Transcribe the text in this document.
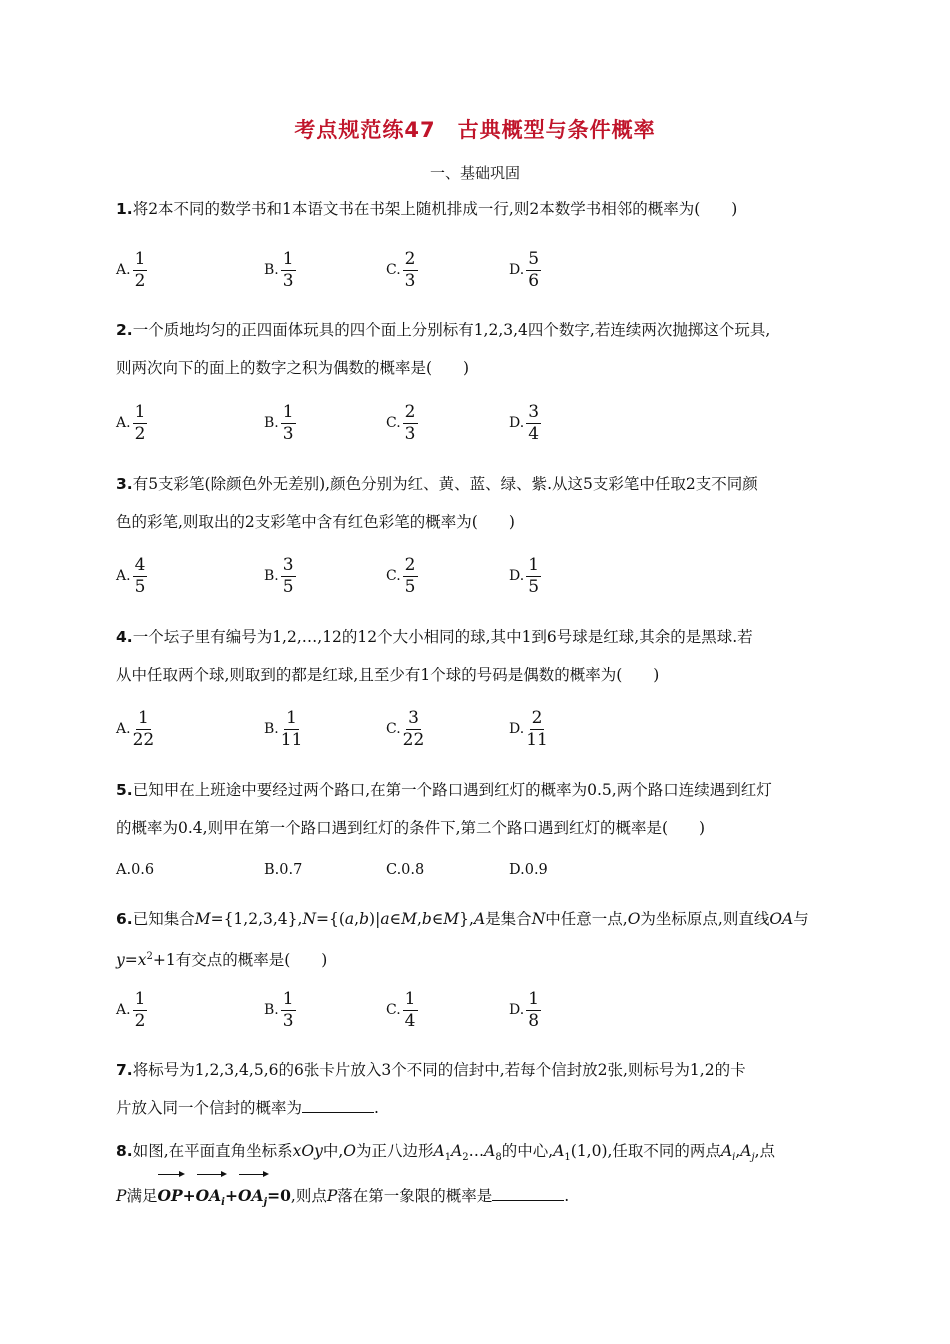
考点规范练47　古典概型与条件概率
一、基础巩固
1.将2本不同的数学书和1本语文书在书架上随机排成一行,则2本数学书相邻的概率为(　　)
A. $\frac{1}{2}$	B. $\frac{1}{3}$	C. $\frac{2}{3}$	D. $\frac{5}{6}$
2.一个质地均匀的正四面体玩具的四个面上分别标有1,2,3,4四个数字,若连续两次抛掷这个玩具,
则两次向下的面上的数字之积为偶数的概率是(　　)
A. $\frac{1}{2}$	B. $\frac{1}{3}$	C. $\frac{2}{3}$	D. $\frac{3}{4}$
3.有5支彩笔(除颜色外无差别),颜色分别为红、黄、蓝、绿、紫.从这5支彩笔中任取2支不同颜
色的彩笔,则取出的2支彩笔中含有红色彩笔的概率为(　　)
A. $\frac{4}{5}$	B. $\frac{3}{5}$	C. $\frac{2}{5}$	D. $\frac{1}{5}$
4.一个坛子里有编号为1,2,…,12的12个大小相同的球,其中1到6号球是红球,其余的是黑球.若
从中任取两个球,则取到的都是红球,且至少有1个球的号码是偶数的概率为(　　)
A. $\frac{1}{22}$	B. $\frac{1}{11}$	C. $\frac{3}{22}$	D. $\frac{2}{11}$
5.已知甲在上班途中要经过两个路口,在第一个路口遇到红灯的概率为0.5,两个路口连续遇到红灯
的概率为0.4,则甲在第一个路口遇到红灯的条件下,第二个路口遇到红灯的概率是(　　)
A.0.6	B.0.7	C.0.8	D.0.9
6.已知集合M={1,2,3,4},N={(a,b)|a∈M,b∈M},A是集合N中任意一点,O为坐标原点,则直线OA与
$y=x^2+1$有交点的概率是(　　)
A. $\frac{1}{2}$	B. $\frac{1}{3}$	C. $\frac{1}{4}$	D. $\frac{1}{8}$
7.将标号为1,2,3,4,5,6的6张卡片放入3个不同的信封中,若每个信封放2张,则标号为1,2的卡
片放入同一个信封的概率为	.
8.如图,在平面直角坐标系xOy中,O为正八边形$A_1A_2\dots A_8$的中心$,A_1(1,0)$,任取不同的两点$A_i,A_j$,点
P满足$OP+OA_i+OA_j=0$,则点P落在第一象限的概率是	.
